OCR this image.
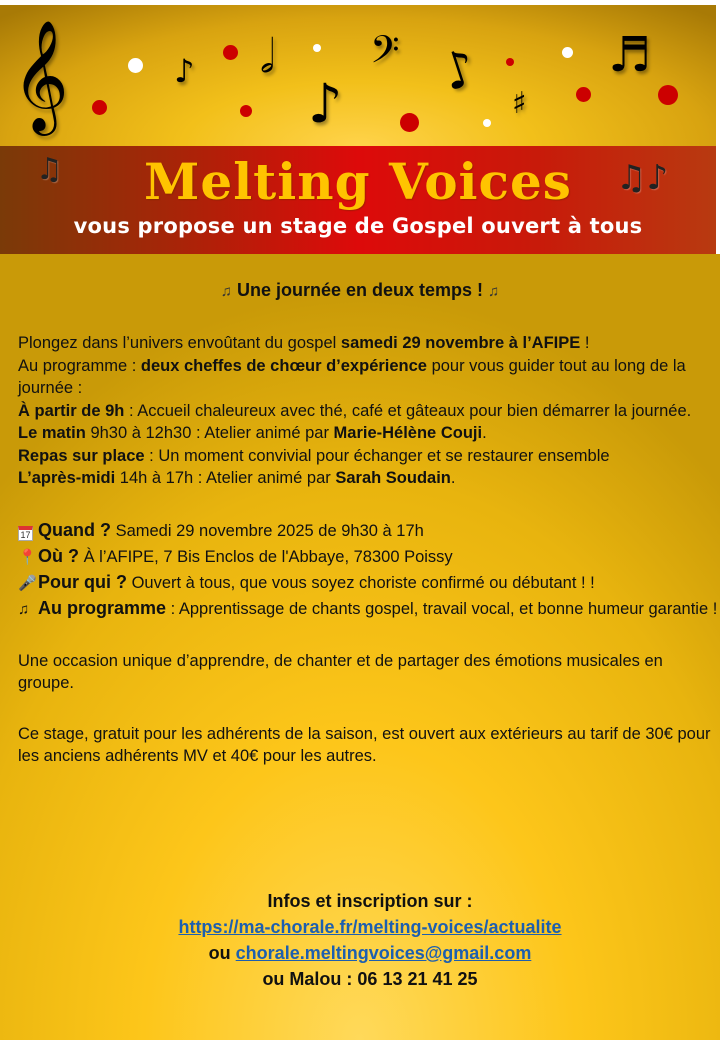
𝄞	♪ 𝅗𝅥
♪
𝄢 ♪
♯
♬
♫	♫♪
Melting Voices
vous propose un stage de Gospel ouvert à tous
♫ Une journée en deux temps ! ♫
Plongez dans l’univers envoûtant du gospel samedi 29 novembre à l’AFIPE !
Au programme : deux cheffes de chœur d’expérience pour vous guider tout au long de la journée :
À partir de 9h : Accueil chaleureux avec thé, café et gâteaux pour bien démarrer la journée.
Le matin 9h30 à 12h30 : Atelier animé par Marie-Hélène Couji.
Repas sur place : Un moment convivial pour échanger et se restaurer ensemble
L’après-midi 14h à 17h : Atelier animé par Sarah Soudain.
17 Quand ? Samedi 29 novembre 2025 de 9h30 à 17h
📍Où ? À l’AFIPE, 7 Bis Enclos de l'Abbaye, 78300 Poissy
🎤Pour qui ? Ouvert à tous, que vous soyez choriste confirmé ou débutant ! !
♫ Au programme : Apprentissage de chants gospel, travail vocal, et bonne humeur garantie !
Une occasion unique d’apprendre, de chanter et de partager des émotions musicales en groupe.
Ce stage, gratuit pour les adhérents de la saison, est ouvert aux extérieurs au tarif de 30€ pour les anciens adhérents MV et 40€ pour les autres.
Infos et inscription sur :
https://ma-chorale.fr/melting-voices/actualite
ou chorale.meltingvoices@gmail.com
ou Malou : 06 13 21 41 25
